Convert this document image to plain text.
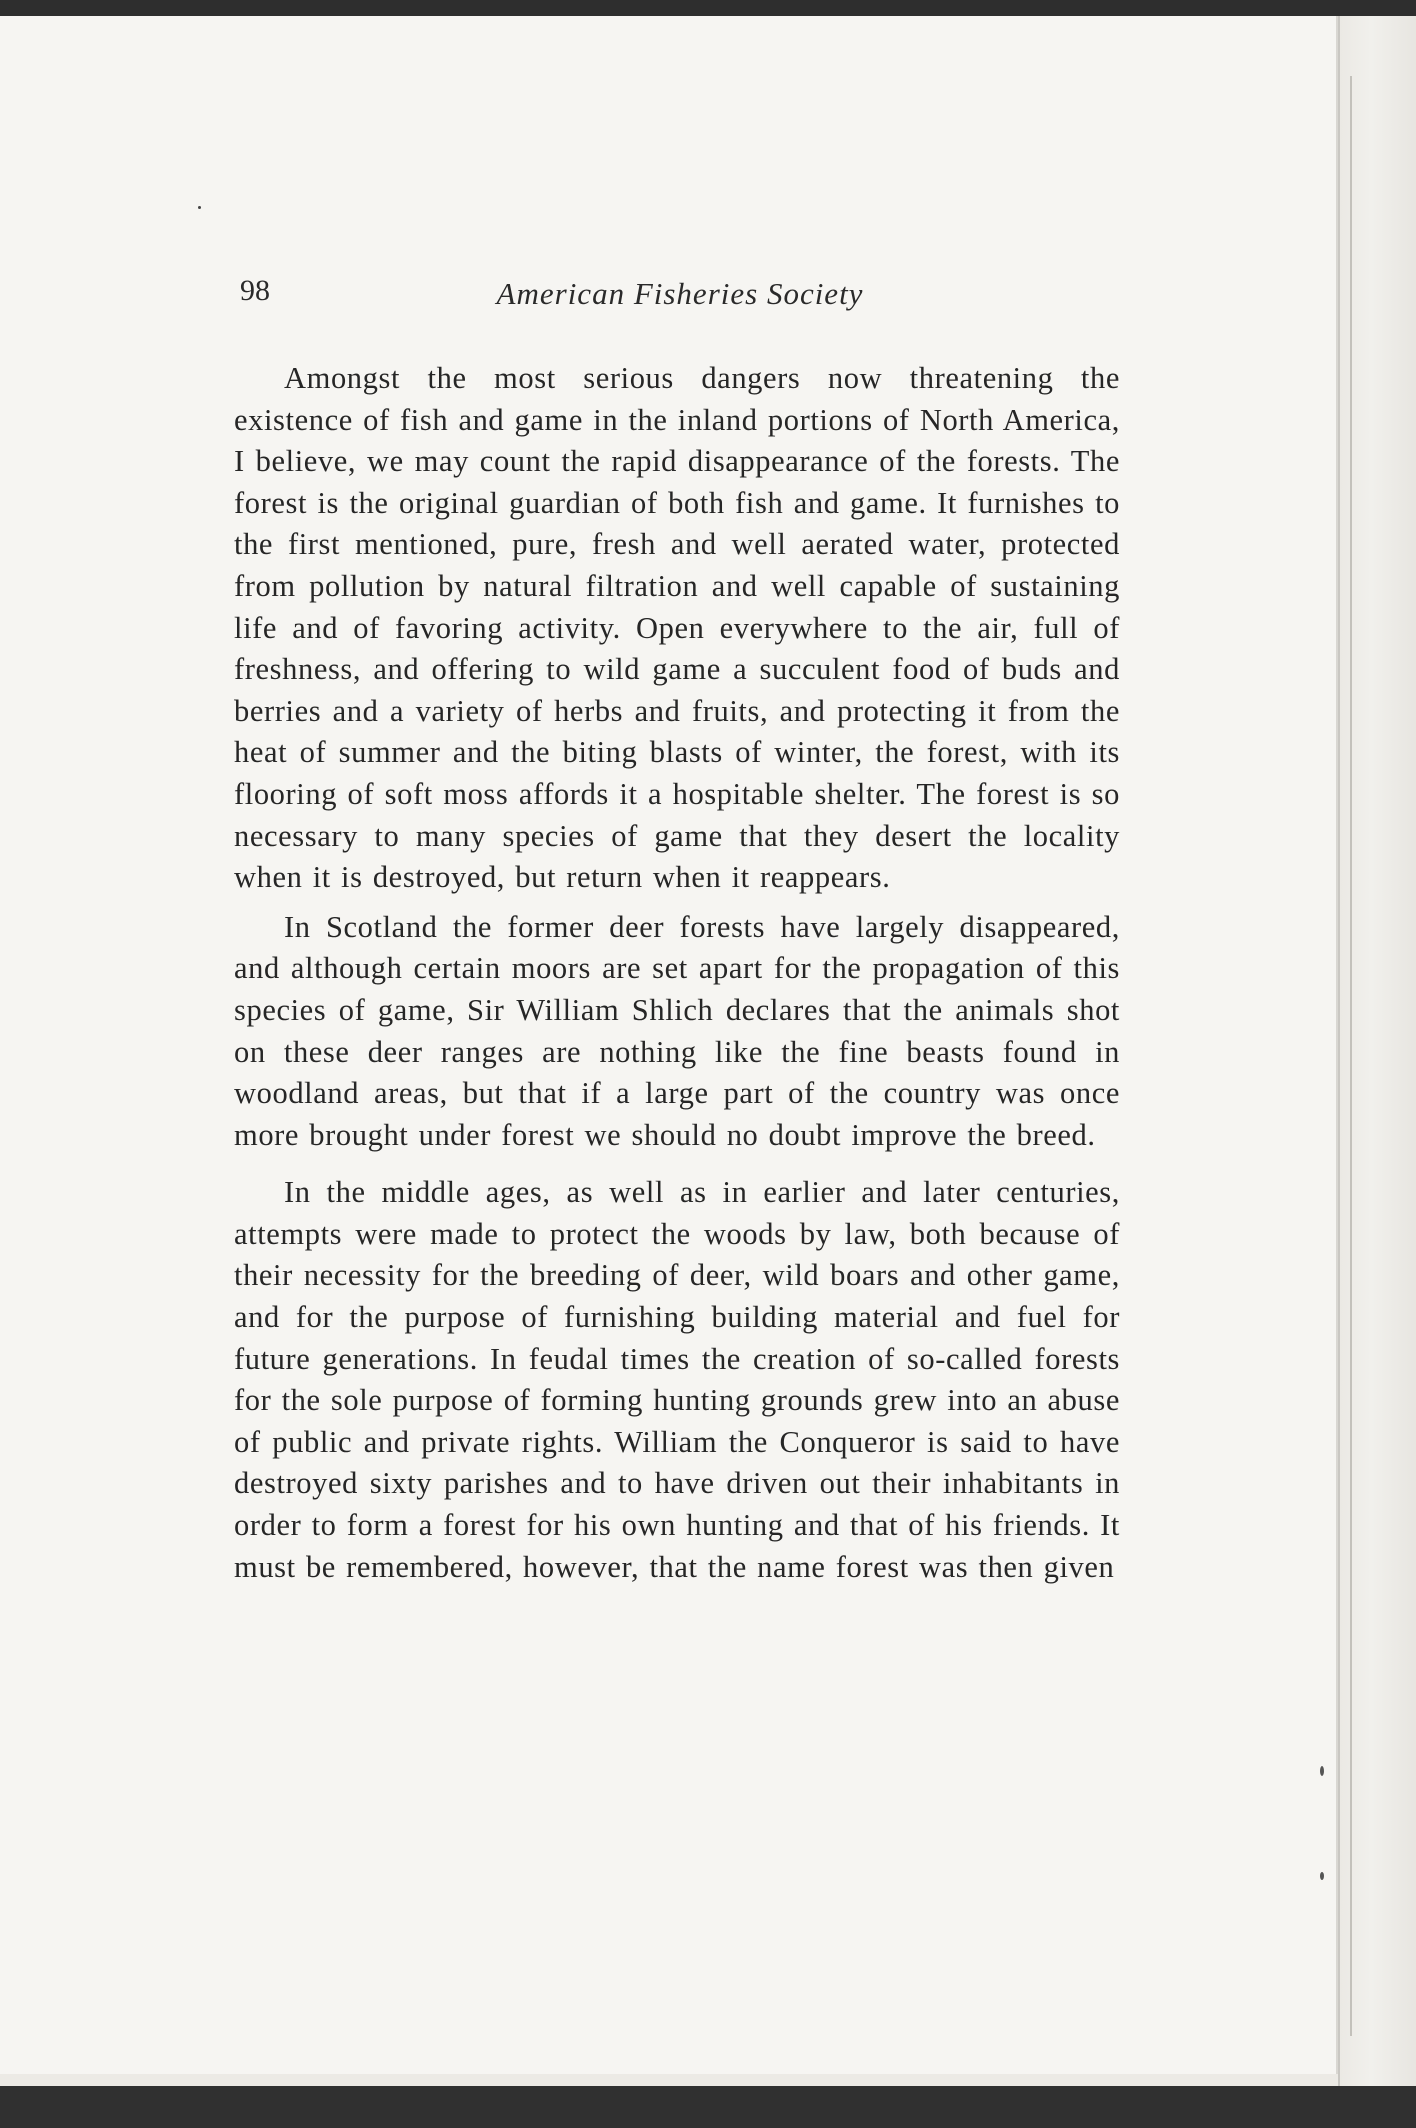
98	American Fisheries Society

Amongst the most serious dangers now threatening the existence of fish and game in the inland portions of North America, I believe, we may count the rapid disappearance of the forests. The forest is the original guardian of both fish and game. It furnishes to the first mentioned, pure, fresh and well aerated water, protected from pollution by natural filtration and well capable of sustaining life and of favoring activity. Open everywhere to the air, full of freshness, and offering to wild game a succulent food of buds and berries and a variety of herbs and fruits, and protecting it from the heat of summer and the biting blasts of winter, the forest, with its flooring of soft moss affords it a hospitable shelter. The forest is so necessary to many species of game that they desert the locality when it is destroyed, but return when it reappears.

In Scotland the former deer forests have largely disappeared, and although certain moors are set apart for the propagation of this species of game, Sir William Shlich declares that the animals shot on these deer ranges are nothing like the fine beasts found in woodland areas, but that if a large part of the country was once more brought under forest we should no doubt improve the breed.

In the middle ages, as well as in earlier and later centuries, attempts were made to protect the woods by law, both because of their necessity for the breeding of deer, wild boars and other game, and for the purpose of furnishing building material and fuel for future generations. In feudal times the creation of so-called forests for the sole purpose of forming hunting grounds grew into an abuse of public and private rights. William the Conqueror is said to have destroyed sixty parishes and to have driven out their inhabitants in order to form a forest for his own hunting and that of his friends. It must be remembered, however, that the name forest was then given
